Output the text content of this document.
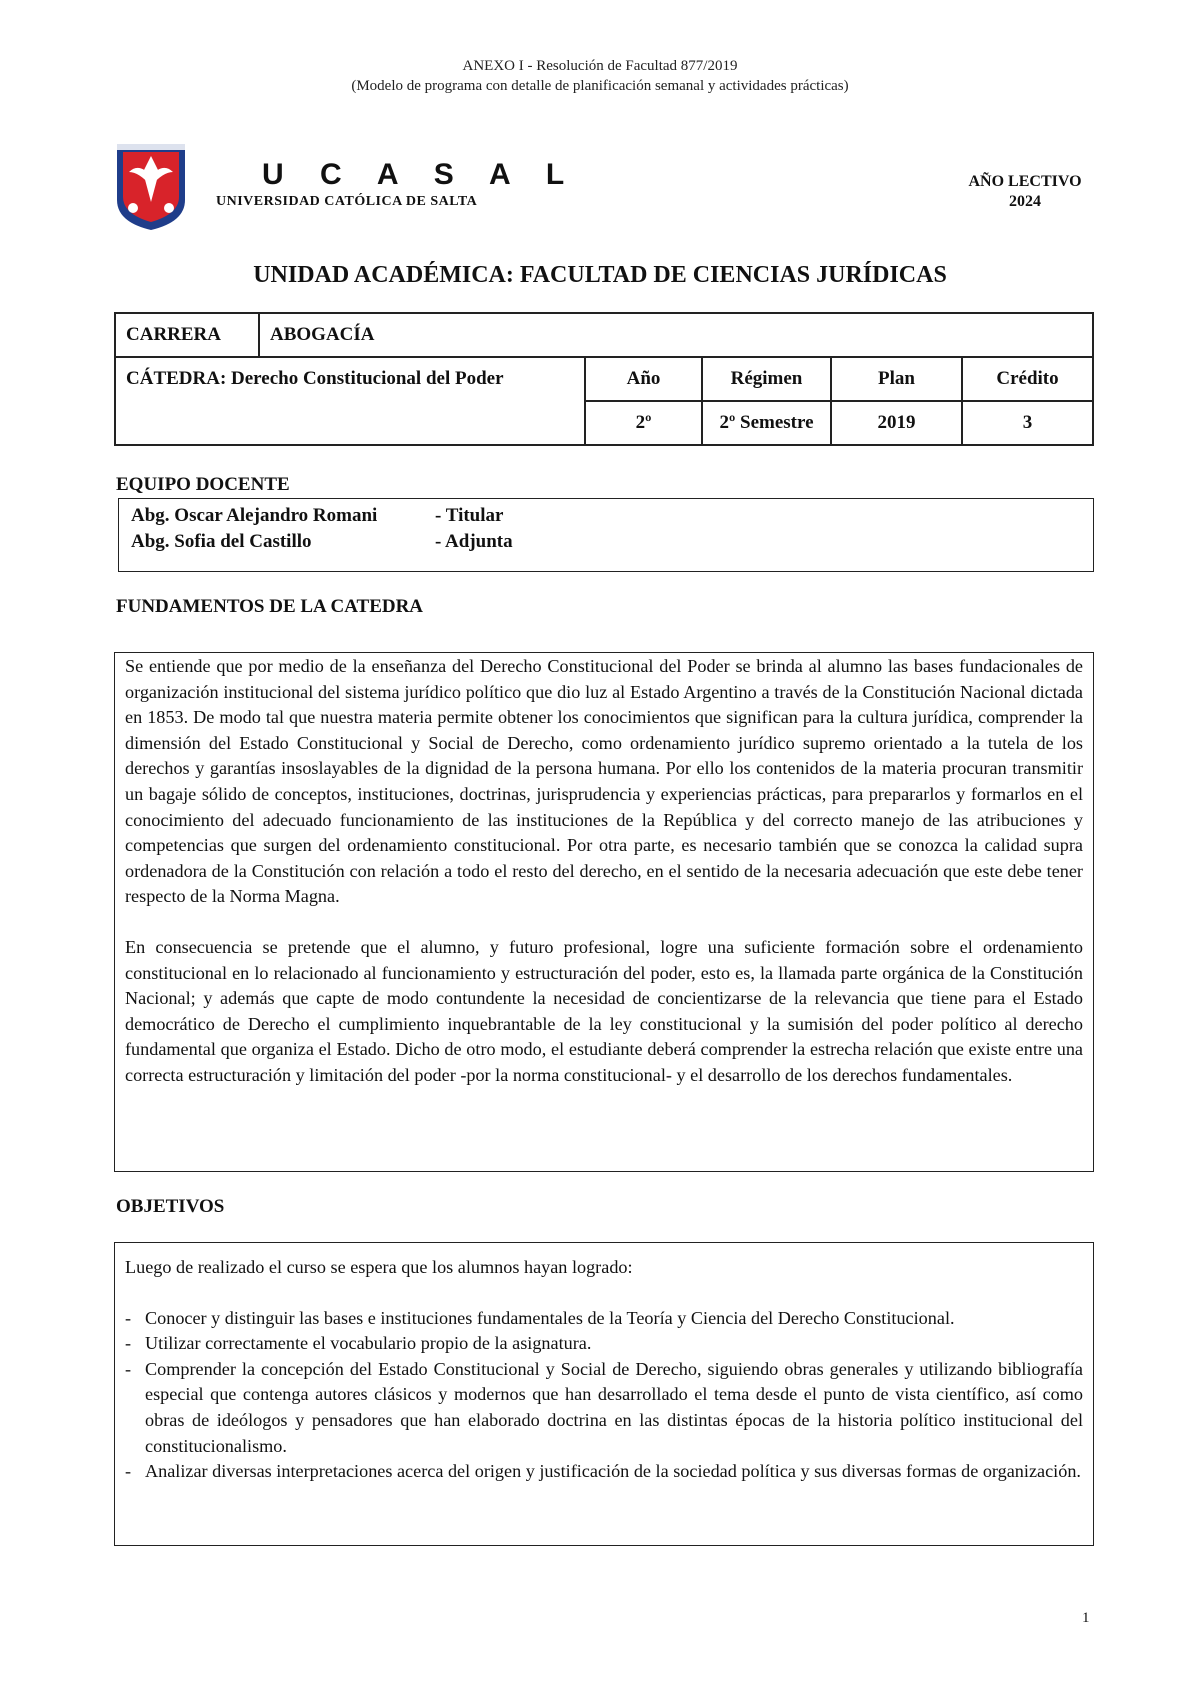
ANEXO I - Resolución de Facultad 877/2019
(Modelo de programa con detalle de planificación semanal y actividades prácticas)
U C A S A L
UNIVERSIDAD CATÓLICA DE SALTA
AÑO LECTIVO
2024
UNIDAD ACADÉMICA: FACULTAD DE CIENCIAS JURÍDICAS
CARRERA	ABOGACÍA				
CÁTEDRA: Derecho Constitucional del Poder		Año	Régimen	Plan	Crédito
		2º	2º Semestre	2019	3
EQUIPO DOCENTE
Abg. Oscar Alejandro Romani	- Titular
Abg. Sofia del Castillo	- Adjunta
FUNDAMENTOS DE LA CATEDRA

Se entiende que por medio de la enseñanza del Derecho Constitucional del Poder se brinda al alumno las bases fundacionales de organización institucional del sistema jurídico político que dio luz al Estado Argentino a través de la Constitución Nacional dictada en 1853. De modo tal que nuestra materia permite obtener los conocimientos que significan para la cultura jurídica, comprender la dimensión del Estado Constitucional y Social de Derecho, como ordenamiento jurídico supremo orientado a la tutela de los derechos y garantías insoslayables de la dignidad de la persona humana. Por ello los contenidos de la materia procuran transmitir un bagaje sólido de conceptos, instituciones, doctrinas, jurisprudencia y experiencias prácticas, para prepararlos y formarlos en el conocimiento del adecuado funcionamiento de las instituciones de la República y del correcto manejo de las atribuciones y competencias que surgen del ordenamiento constitucional. Por otra parte, es necesario también que se conozca la calidad supra ordenadora de la Constitución con relación a todo el resto del derecho, en el sentido de la necesaria adecuación que este debe tener respecto de la Norma Magna.

En consecuencia se pretende que el alumno, y futuro profesional, logre una suficiente formación sobre el ordenamiento constitucional en lo relacionado al funcionamiento y estructuración del poder, esto es, la llamada parte orgánica de la Constitución Nacional; y además que capte de modo contundente la necesidad de concientizarse de la relevancia que tiene para el Estado democrático de Derecho el cumplimiento inquebrantable de la ley constitucional y la sumisión del poder político al derecho fundamental que organiza el Estado. Dicho de otro modo, el estudiante deberá comprender la estrecha relación que existe entre una correcta estructuración y limitación del poder -por la norma constitucional- y el desarrollo de los derechos fundamentales.

OBJETIVOS

Luego de realizado el curso se espera que los alumnos hayan logrado:

- Conocer y distinguir las bases e instituciones fundamentales de la Teoría y Ciencia del Derecho Constitucional.
- Utilizar correctamente el vocabulario propio de la asignatura.
- Comprender la concepción del Estado Constitucional y Social de Derecho, siguiendo obras generales y utilizando bibliografía especial que contenga autores clásicos y modernos que han desarrollado el tema desde el punto de vista científico, así como obras de ideólogos y pensadores que han elaborado doctrina en las distintas épocas de la historia político institucional del constitucionalismo.
- Analizar diversas interpretaciones acerca del origen y justificación de la sociedad política y sus diversas formas de organización.
1
